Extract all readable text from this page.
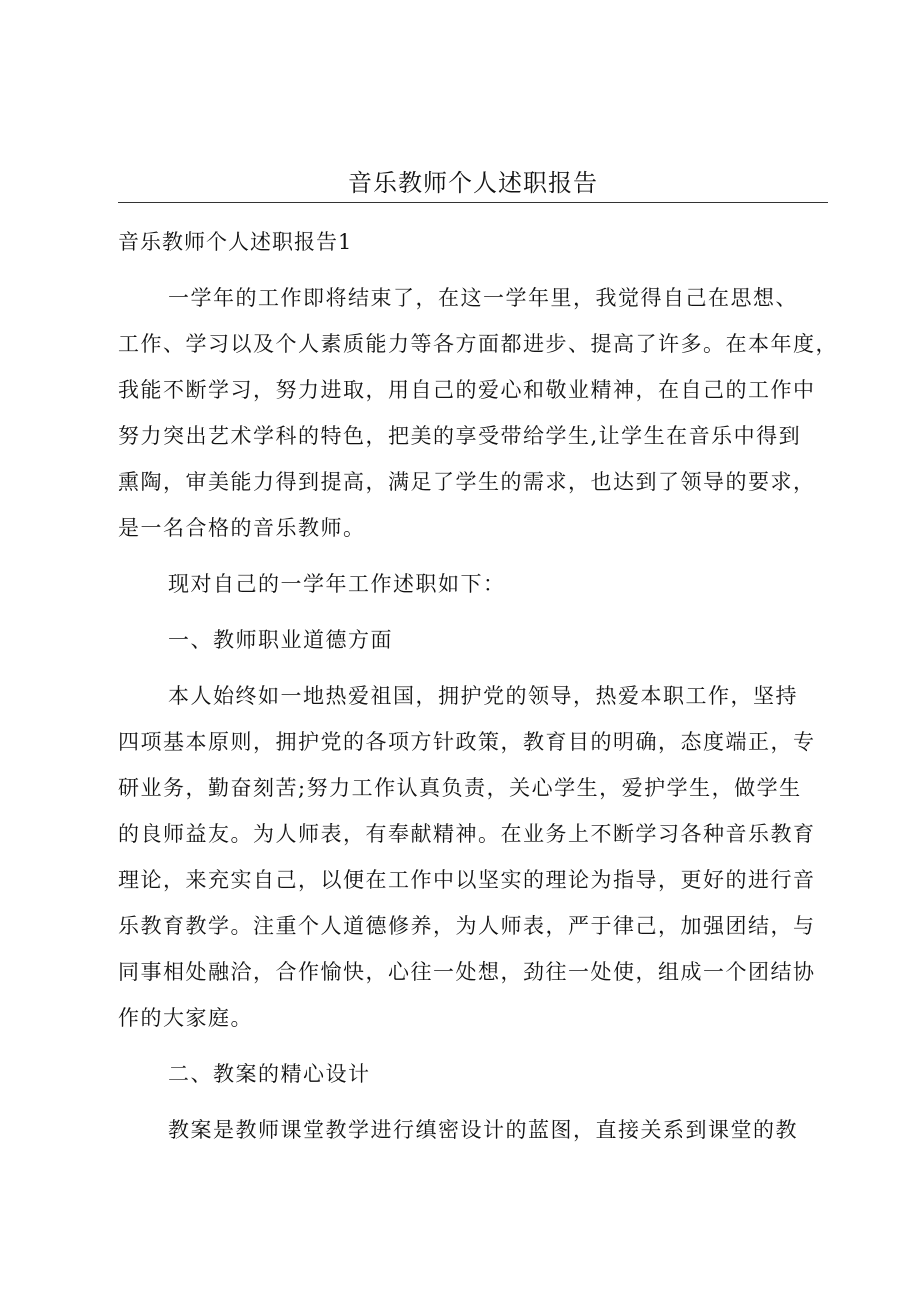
音乐教师个人述职报告

音乐教师个人述职报告1

一学年的工作即将结束了，在这一学年里，我觉得自己在思想、

工作、学习以及个人素质能力等各方面都进步、提高了许多。在本年度，

我能不断学习，努力进取，用自己的爱心和敬业精神，在自己的工作中

努力突出艺术学科的特色，把美的享受带给学生,让学生在音乐中得到

熏陶，审美能力得到提高，满足了学生的需求，也达到了领导的要求，

是一名合格的音乐教师。

现对自己的一学年工作述职如下：

一、教师职业道德方面

本人始终如一地热爱祖国，拥护党的领导，热爱本职工作，坚持

四项基本原则，拥护党的各项方针政策，教育目的明确，态度端正，专

研业务，勤奋刻苦;努力工作认真负责，关心学生，爱护学生，做学生

的良师益友。为人师表，有奉献精神。在业务上不断学习各种音乐教育

理论，来充实自己，以便在工作中以坚实的理论为指导，更好的进行音

乐教育教学。注重个人道德修养，为人师表，严于律己，加强团结，与

同事相处融洽，合作愉快，心往一处想，劲往一处使，组成一个团结协

作的大家庭。

二、教案的精心设计

教案是教师课堂教学进行缜密设计的蓝图，直接关系到课堂的教
